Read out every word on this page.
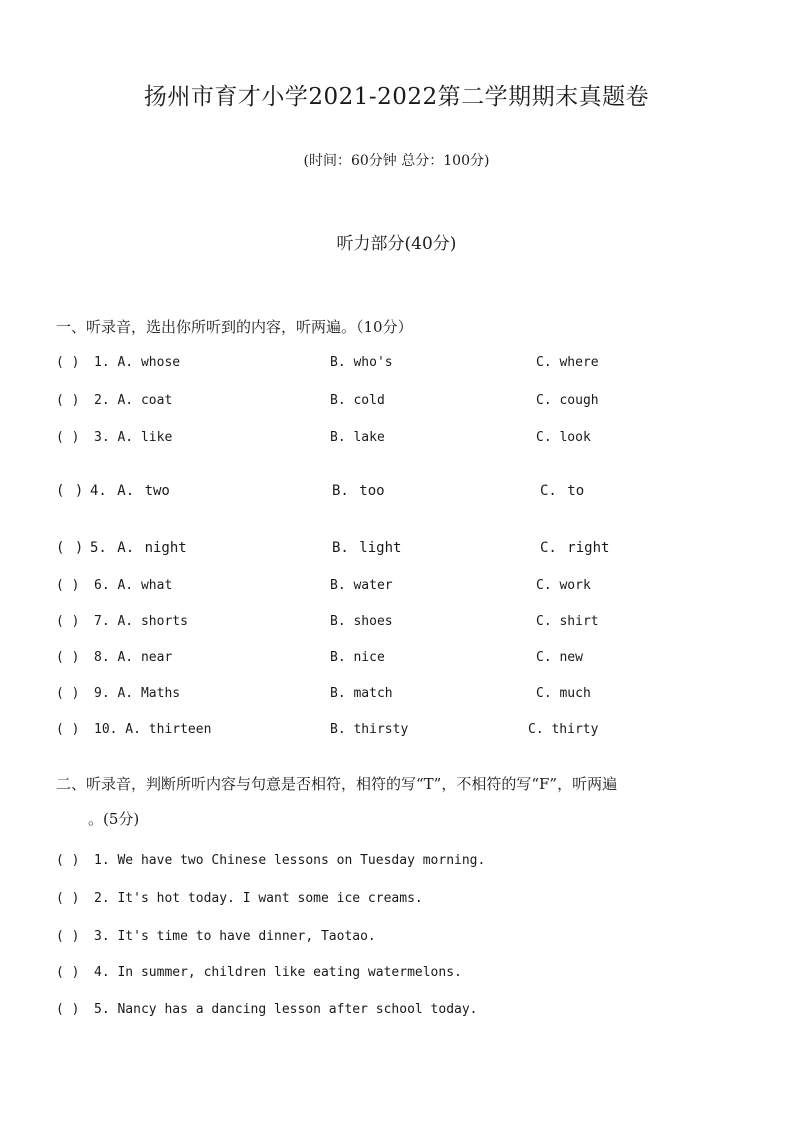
扬州市育才小学2021-2022第二学期期末真题卷
(时间：60分钟 总分：100分)
听力部分(40分)
一、听录音，选出你所听到的内容，听两遍。（10分）
( ) 1. A. whose	B. who's	C. where
( ) 2. A. coat	B. cold	C. cough
( ) 3. A. like	B. lake	C. look
( ) 4. A. two	B. too	C. to
( ) 5. A. night	B. light	C. right
( ) 6. A. what	B. water	C. work
( ) 7. A. shorts	B. shoes	C. shirt
( ) 8. A. near	B. nice	C. new
( ) 9. A. Maths	B. match	C. much
( ) 10. A. thirteen	B. thirsty	C. thirty
二、听录音，判断所听内容与句意是否相符，相符的写“T”，不相符的写“F”，听两遍
。(5分)
( ) 1. We have two Chinese lessons on Tuesday morning.
( ) 2. It's hot today. I want some ice creams.
( ) 3. It's time to have dinner, Taotao.
( ) 4. In summer, children like eating watermelons.
( ) 5. Nancy has a dancing lesson after school today.
